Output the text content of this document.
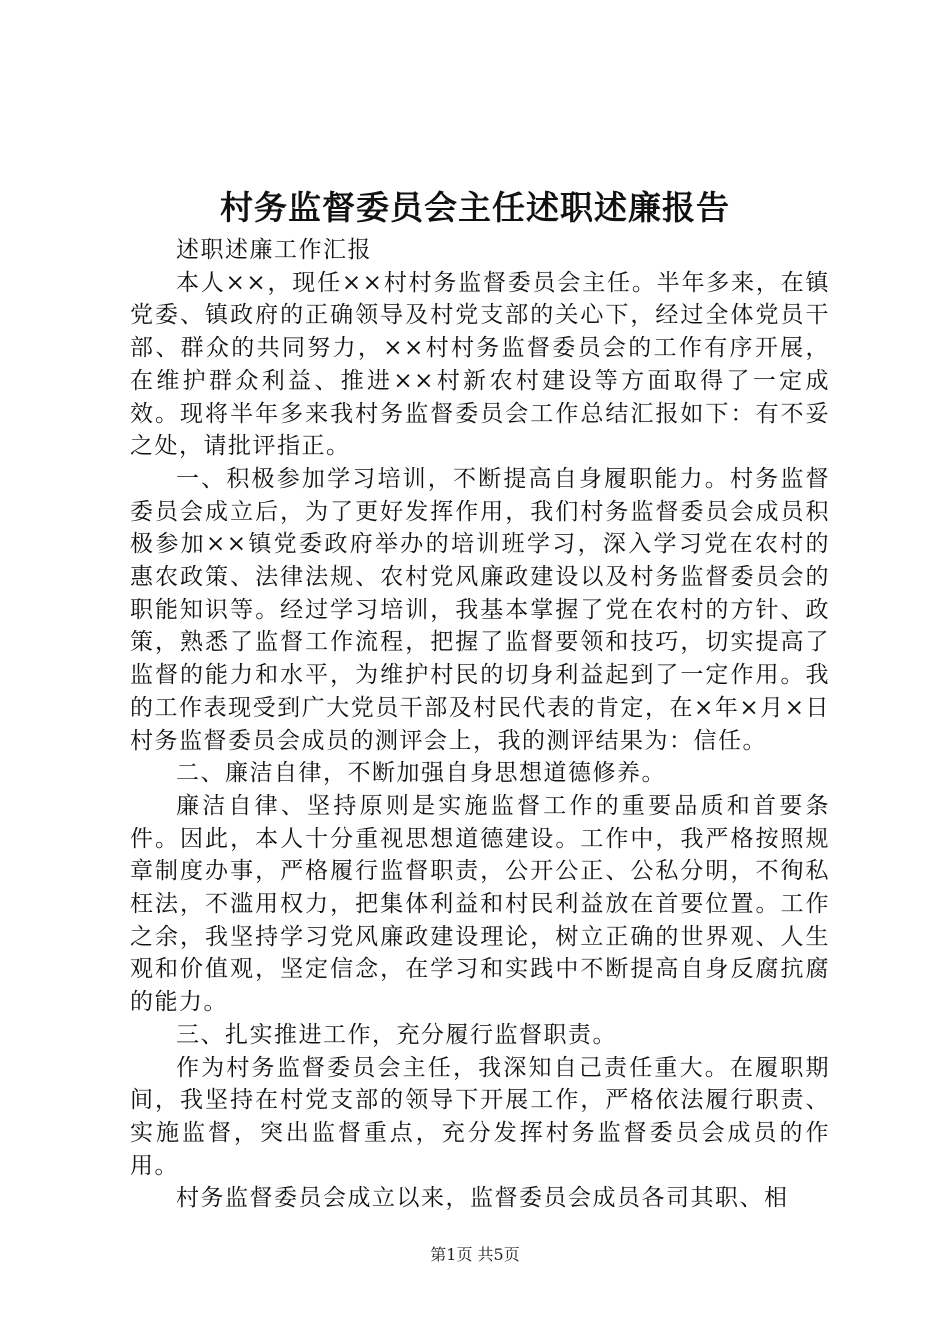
村务监督委员会主任述职述廉报告

述职述廉工作汇报

本人××，现任××村村务监督委员会主任。半年多来，在镇党委、镇政府的正确领导及村党支部的关心下，经过全体党员干部、群众的共同努力，××村村务监督委员会的工作有序开展，在维护群众利益、推进××村新农村建设等方面取得了一定成效。现将半年多来我村务监督委员会工作总结汇报如下：有不妥之处，请批评指正。

一、积极参加学习培训，不断提高自身履职能力。村务监督委员会成立后，为了更好发挥作用，我们村务监督委员会成员积极参加××镇党委政府举办的培训班学习，深入学习党在农村的惠农政策、法律法规、农村党风廉政建设以及村务监督委员会的职能知识等。经过学习培训，我基本掌握了党在农村的方针、政策，熟悉了监督工作流程，把握了监督要领和技巧，切实提高了监督的能力和水平，为维护村民的切身利益起到了一定作用。我的工作表现受到广大党员干部及村民代表的肯定，在×年×月×日村务监督委员会成员的测评会上，我的测评结果为：信任。

二、廉洁自律，不断加强自身思想道德修养。

廉洁自律、坚持原则是实施监督工作的重要品质和首要条件。因此，本人十分重视思想道德建设。工作中，我严格按照规章制度办事，严格履行监督职责，公开公正、公私分明，不徇私枉法，不滥用权力，把集体利益和村民利益放在首要位置。工作之余，我坚持学习党风廉政建设理论，树立正确的世界观、人生观和价值观，坚定信念，在学习和实践中不断提高自身反腐抗腐的能力。

三、扎实推进工作，充分履行监督职责。

作为村务监督委员会主任，我深知自己责任重大。在履职期间，我坚持在村党支部的领导下开展工作，严格依法履行职责、实施监督，突出监督重点，充分发挥村务监督委员会成员的作用。

村务监督委员会成立以来，监督委员会成员各司其职、相

第1页 共5页
